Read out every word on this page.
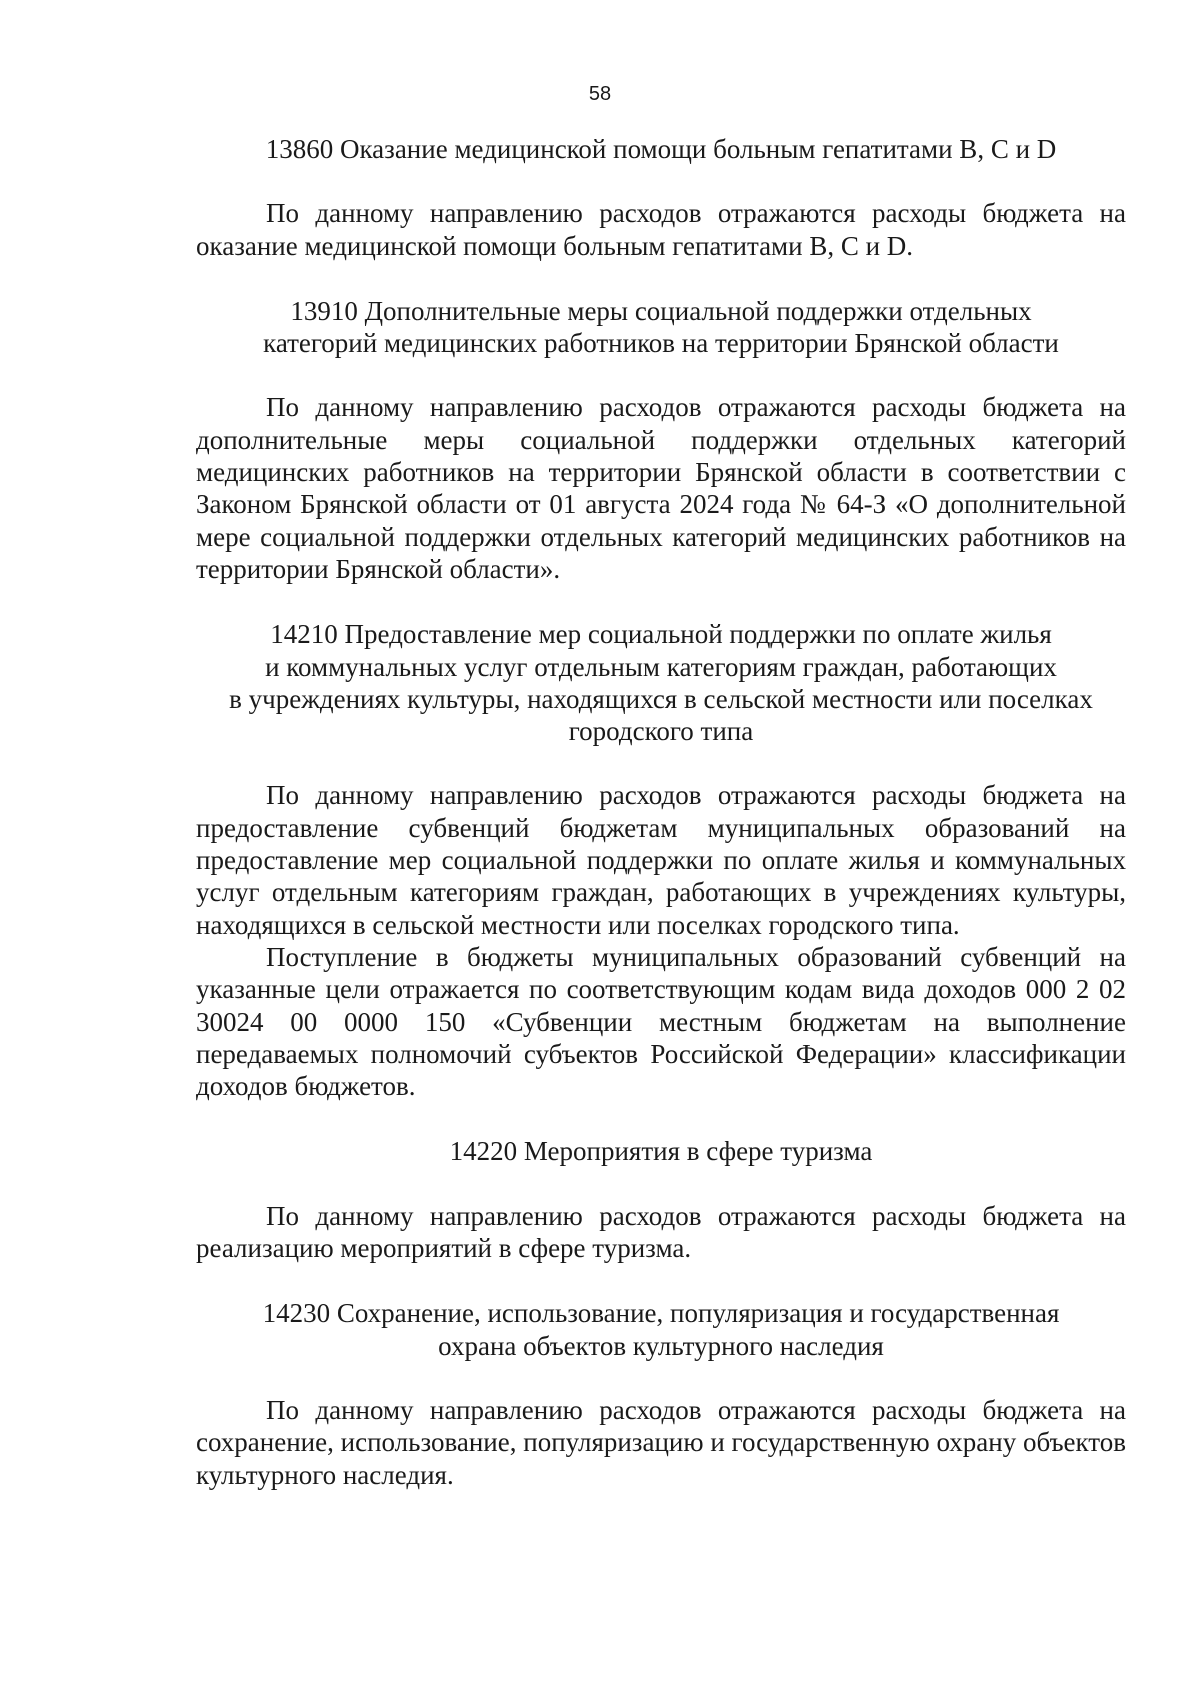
58
13860 Оказание медицинской помощи больным гепатитами B, C и D

По данному направлению расходов отражаются расходы бюджета на оказание медицинской помощи больным гепатитами B, C и D.

13910 Дополнительные меры социальной поддержки отдельных
категорий медицинских работников на территории Брянской области

По данному направлению расходов отражаются расходы бюджета на дополнительные меры социальной поддержки отдельных категорий медицинских работников на территории Брянской области в соответствии с Законом Брянской области от 01 августа 2024 года № 64-З «О дополнительной мере социальной поддержки отдельных категорий медицинских работников на территории Брянской области».

14210 Предоставление мер социальной поддержки по оплате жилья
и коммунальных услуг отдельным категориям граждан, работающих
в учреждениях культуры, находящихся в сельской местности или поселках
городского типа

По данному направлению расходов отражаются расходы бюджета на предоставление субвенций бюджетам муниципальных образований на предоставление мер социальной поддержки по оплате жилья и коммунальных услуг отдельным категориям граждан, работающих в учреждениях культуры, находящихся в сельской местности или поселках городского типа.

Поступление в бюджеты муниципальных образований субвенций на указанные цели отражается по соответствующим кодам вида доходов 000 2 02 30024 00 0000 150 «Субвенции местным бюджетам на выполнение передаваемых полномочий субъектов Российской Федерации» классификации доходов бюджетов.

14220 Мероприятия в сфере туризма

По данному направлению расходов отражаются расходы бюджета на реализацию мероприятий в сфере туризма.

14230 Сохранение, использование, популяризация и государственная
охрана объектов культурного наследия

По данному направлению расходов отражаются расходы бюджета на сохранение, использование, популяризацию и государственную охрану объектов культурного наследия.
